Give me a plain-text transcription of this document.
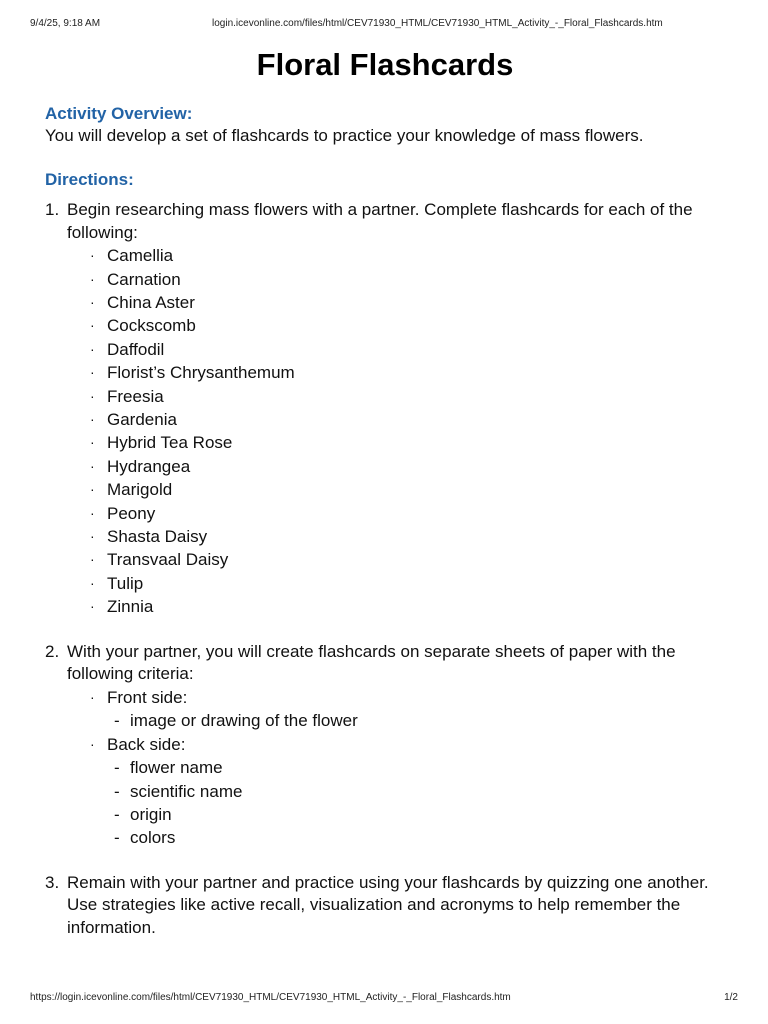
9/4/25, 9:18 AM	login.icevonline.com/files/html/CEV71930_HTML/CEV71930_HTML_Activity_-_Floral_Flashcards.htm
Floral Flashcards
Activity Overview:

You will develop a set of flashcards to practice your knowledge of mass flowers.

Directions:
1. Begin researching mass flowers with a partner. Complete flashcards for each of the following:
· Camellia
· Carnation
· China Aster
· Cockscomb
· Daffodil
· Florist’s Chrysanthemum
· Freesia
· Gardenia
· Hybrid Tea Rose
· Hydrangea
· Marigold
· Peony
· Shasta Daisy
· Transvaal Daisy
· Tulip
· Zinnia
2. With your partner, you will create flashcards on separate sheets of paper with the following criteria:
· Front side:
- image or drawing of the flower
· Back side:
- flower name
- scientific name
- origin
- colors
3. Remain with your partner and practice using your flashcards by quizzing one another. Use strategies like active recall, visualization and acronyms to help remember the information.
https://login.icevonline.com/files/html/CEV71930_HTML/CEV71930_HTML_Activity_-_Floral_Flashcards.htm	1/2
